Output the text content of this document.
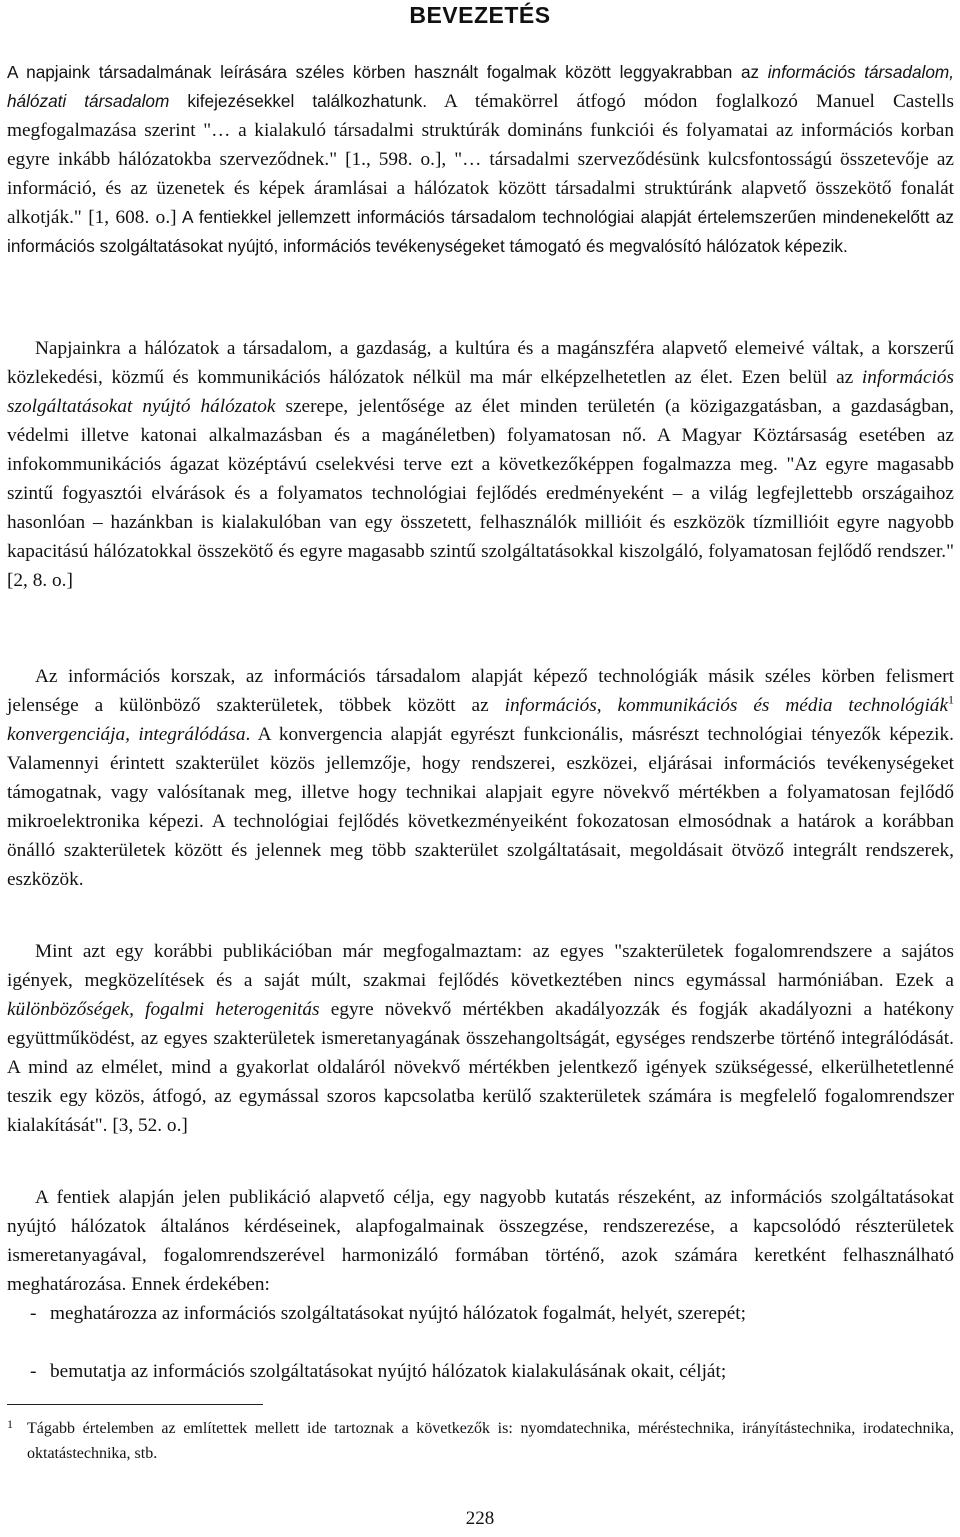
BEVEZETÉS
A napjaink társadalmának leírására széles körben használt fogalmak között leggyakrabban az információs társadalom, hálózati társadalom kifejezésekkel találkozhatunk. A témakörrel átfogó módon foglalkozó Manuel Castells megfogalmazása szerint "… a kialakuló társadalmi struktúrák domináns funkciói és folyamatai az információs korban egyre inkább hálózatokba szerveződnek." [1., 598. o.], "… társadalmi szerveződésünk kulcsfontosságú összetevője az információ, és az üzenetek és képek áramlásai a hálózatok között társadalmi struktúránk alapvető összekötő fonalát alkotják." [1, 608. o.] A fentiekkel jellemzett információs társadalom technológiai alapját értelemszerűen mindenekelőtt az információs szolgáltatásokat nyújtó, információs tevékenységeket támogató és megvalósító hálózatok képezik.
Napjainkra a hálózatok a társadalom, a gazdaság, a kultúra és a magánszféra alapvető elemeivé váltak, a korszerű közlekedési, közmű és kommunikációs hálózatok nélkül ma már elképzelhetetlen az élet. Ezen belül az információs szolgáltatásokat nyújtó hálózatok szerepe, jelentősége az élet minden területén (a közigazgatásban, a gazdaságban, védelmi illetve katonai alkalmazásban és a magánéletben) folyamatosan nő. A Magyar Köztársaság esetében az infokommunikációs ágazat középtávú cselekvési terve ezt a következőképpen fogalmazza meg. "Az egyre magasabb szintű fogyasztói elvárások és a folyamatos technológiai fejlődés eredményeként – a világ legfejlettebb országaihoz hasonlóan – hazánkban is kialakulóban van egy összetett, felhasználók millióit és eszközök tízmillióit egyre nagyobb kapacitású hálózatokkal összekötő és egyre magasabb szintű szolgáltatásokkal kiszolgáló, folyamatosan fejlődő rendszer." [2, 8. o.]
Az információs korszak, az információs társadalom alapját képező technológiák másik széles körben felismert jelensége a különböző szakterületek, többek között az információs, kommunikációs és média technológiák$^1$ konvergenciája, integrálódása. A konvergencia alapját egyrészt funkcionális, másrészt technológiai tényezők képezik. Valamennyi érintett szakterület közös jellemzője, hogy rendszerei, eszközei, eljárásai információs tevékenységeket támogatnak, vagy valósítanak meg, illetve hogy technikai alapjait egyre növekvő mértékben a folyamatosan fejlődő mikroelektronika képezi. A technológiai fejlődés következményeiként fokozatosan elmosódnak a határok a korábban önálló szakterületek között és jelennek meg több szakterület szolgáltatásait, megoldásait ötvöző integrált rendszerek, eszközök.
Mint azt egy korábbi publikációban már megfogalmaztam: az egyes "szakterületek fogalomrendszere a sajátos igények, megközelítések és a saját múlt, szakmai fejlődés következtében nincs egymással harmóniában. Ezek a különbözőségek, fogalmi heterogenitás egyre növekvő mértékben akadályozzák és fogják akadályozni a hatékony együttműködést, az egyes szakterületek ismeretanyagának összehangoltságát, egységes rendszerbe történő integrálódását. A mind az elmélet, mind a gyakorlat oldaláról növekvő mértékben jelentkező igények szükségessé, elkerülhetetlenné teszik egy közös, átfogó, az egymással szoros kapcsolatba kerülő szakterületek számára is megfelelő fogalomrendszer kialakítását". [3, 52. o.]
A fentiek alapján jelen publikáció alapvető célja, egy nagyobb kutatás részeként, az információs szolgáltatásokat nyújtó hálózatok általános kérdéseinek, alapfogalmainak összegzése, rendszerezése, a kapcsolódó részterületek ismeretanyagával, fogalomrendszerével harmonizáló formában történő, azok számára keretként felhasználható meghatározása. Ennek érdekében:
- meghatározza az információs szolgáltatásokat nyújtó hálózatok fogalmát, helyét, szerepét;
- bemutatja az információs szolgáltatásokat nyújtó hálózatok kialakulásának okait, célját;
1 Tágabb értelemben az említettek mellett ide tartoznak a következők is: nyomdatechnika, méréstechnika, irányítástechnika, irodatechnika, oktatástechnika, stb.
228
